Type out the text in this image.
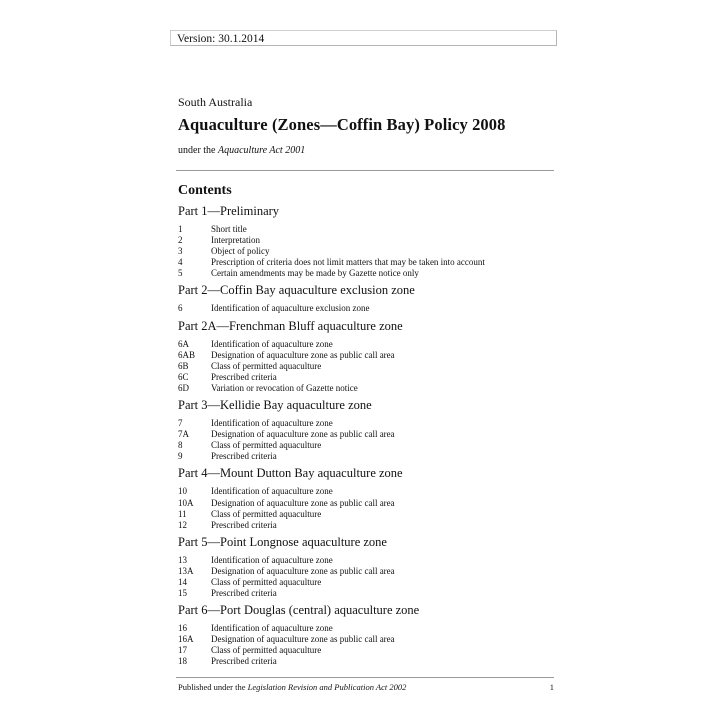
Version: 30.1.2014
South Australia
Aquaculture (Zones—Coffin Bay) Policy 2008
under the Aquaculture Act 2001
Contents
Part 1—Preliminary
1	Short title
2	Interpretation
3	Object of policy
4	Prescription of criteria does not limit matters that may be taken into account
5	Certain amendments may be made by Gazette notice only
Part 2—Coffin Bay aquaculture exclusion zone
6	Identification of aquaculture exclusion zone
Part 2A—Frenchman Bluff aquaculture zone
6A	Identification of aquaculture zone
6AB	Designation of aquaculture zone as public call area
6B	Class of permitted aquaculture
6C	Prescribed criteria
6D	Variation or revocation of Gazette notice
Part 3—Kellidie Bay aquaculture zone
7	Identification of aquaculture zone
7A	Designation of aquaculture zone as public call area
8	Class of permitted aquaculture
9	Prescribed criteria
Part 4—Mount Dutton Bay aquaculture zone
10	Identification of aquaculture zone
10A	Designation of aquaculture zone as public call area
11	Class of permitted aquaculture
12	Prescribed criteria
Part 5—Point Longnose aquaculture zone
13	Identification of aquaculture zone
13A	Designation of aquaculture zone as public call area
14	Class of permitted aquaculture
15	Prescribed criteria
Part 6—Port Douglas (central) aquaculture zone
16	Identification of aquaculture zone
16A	Designation of aquaculture zone as public call area
17	Class of permitted aquaculture
18	Prescribed criteria
Published under the Legislation Revision and Publication Act 2002	1
